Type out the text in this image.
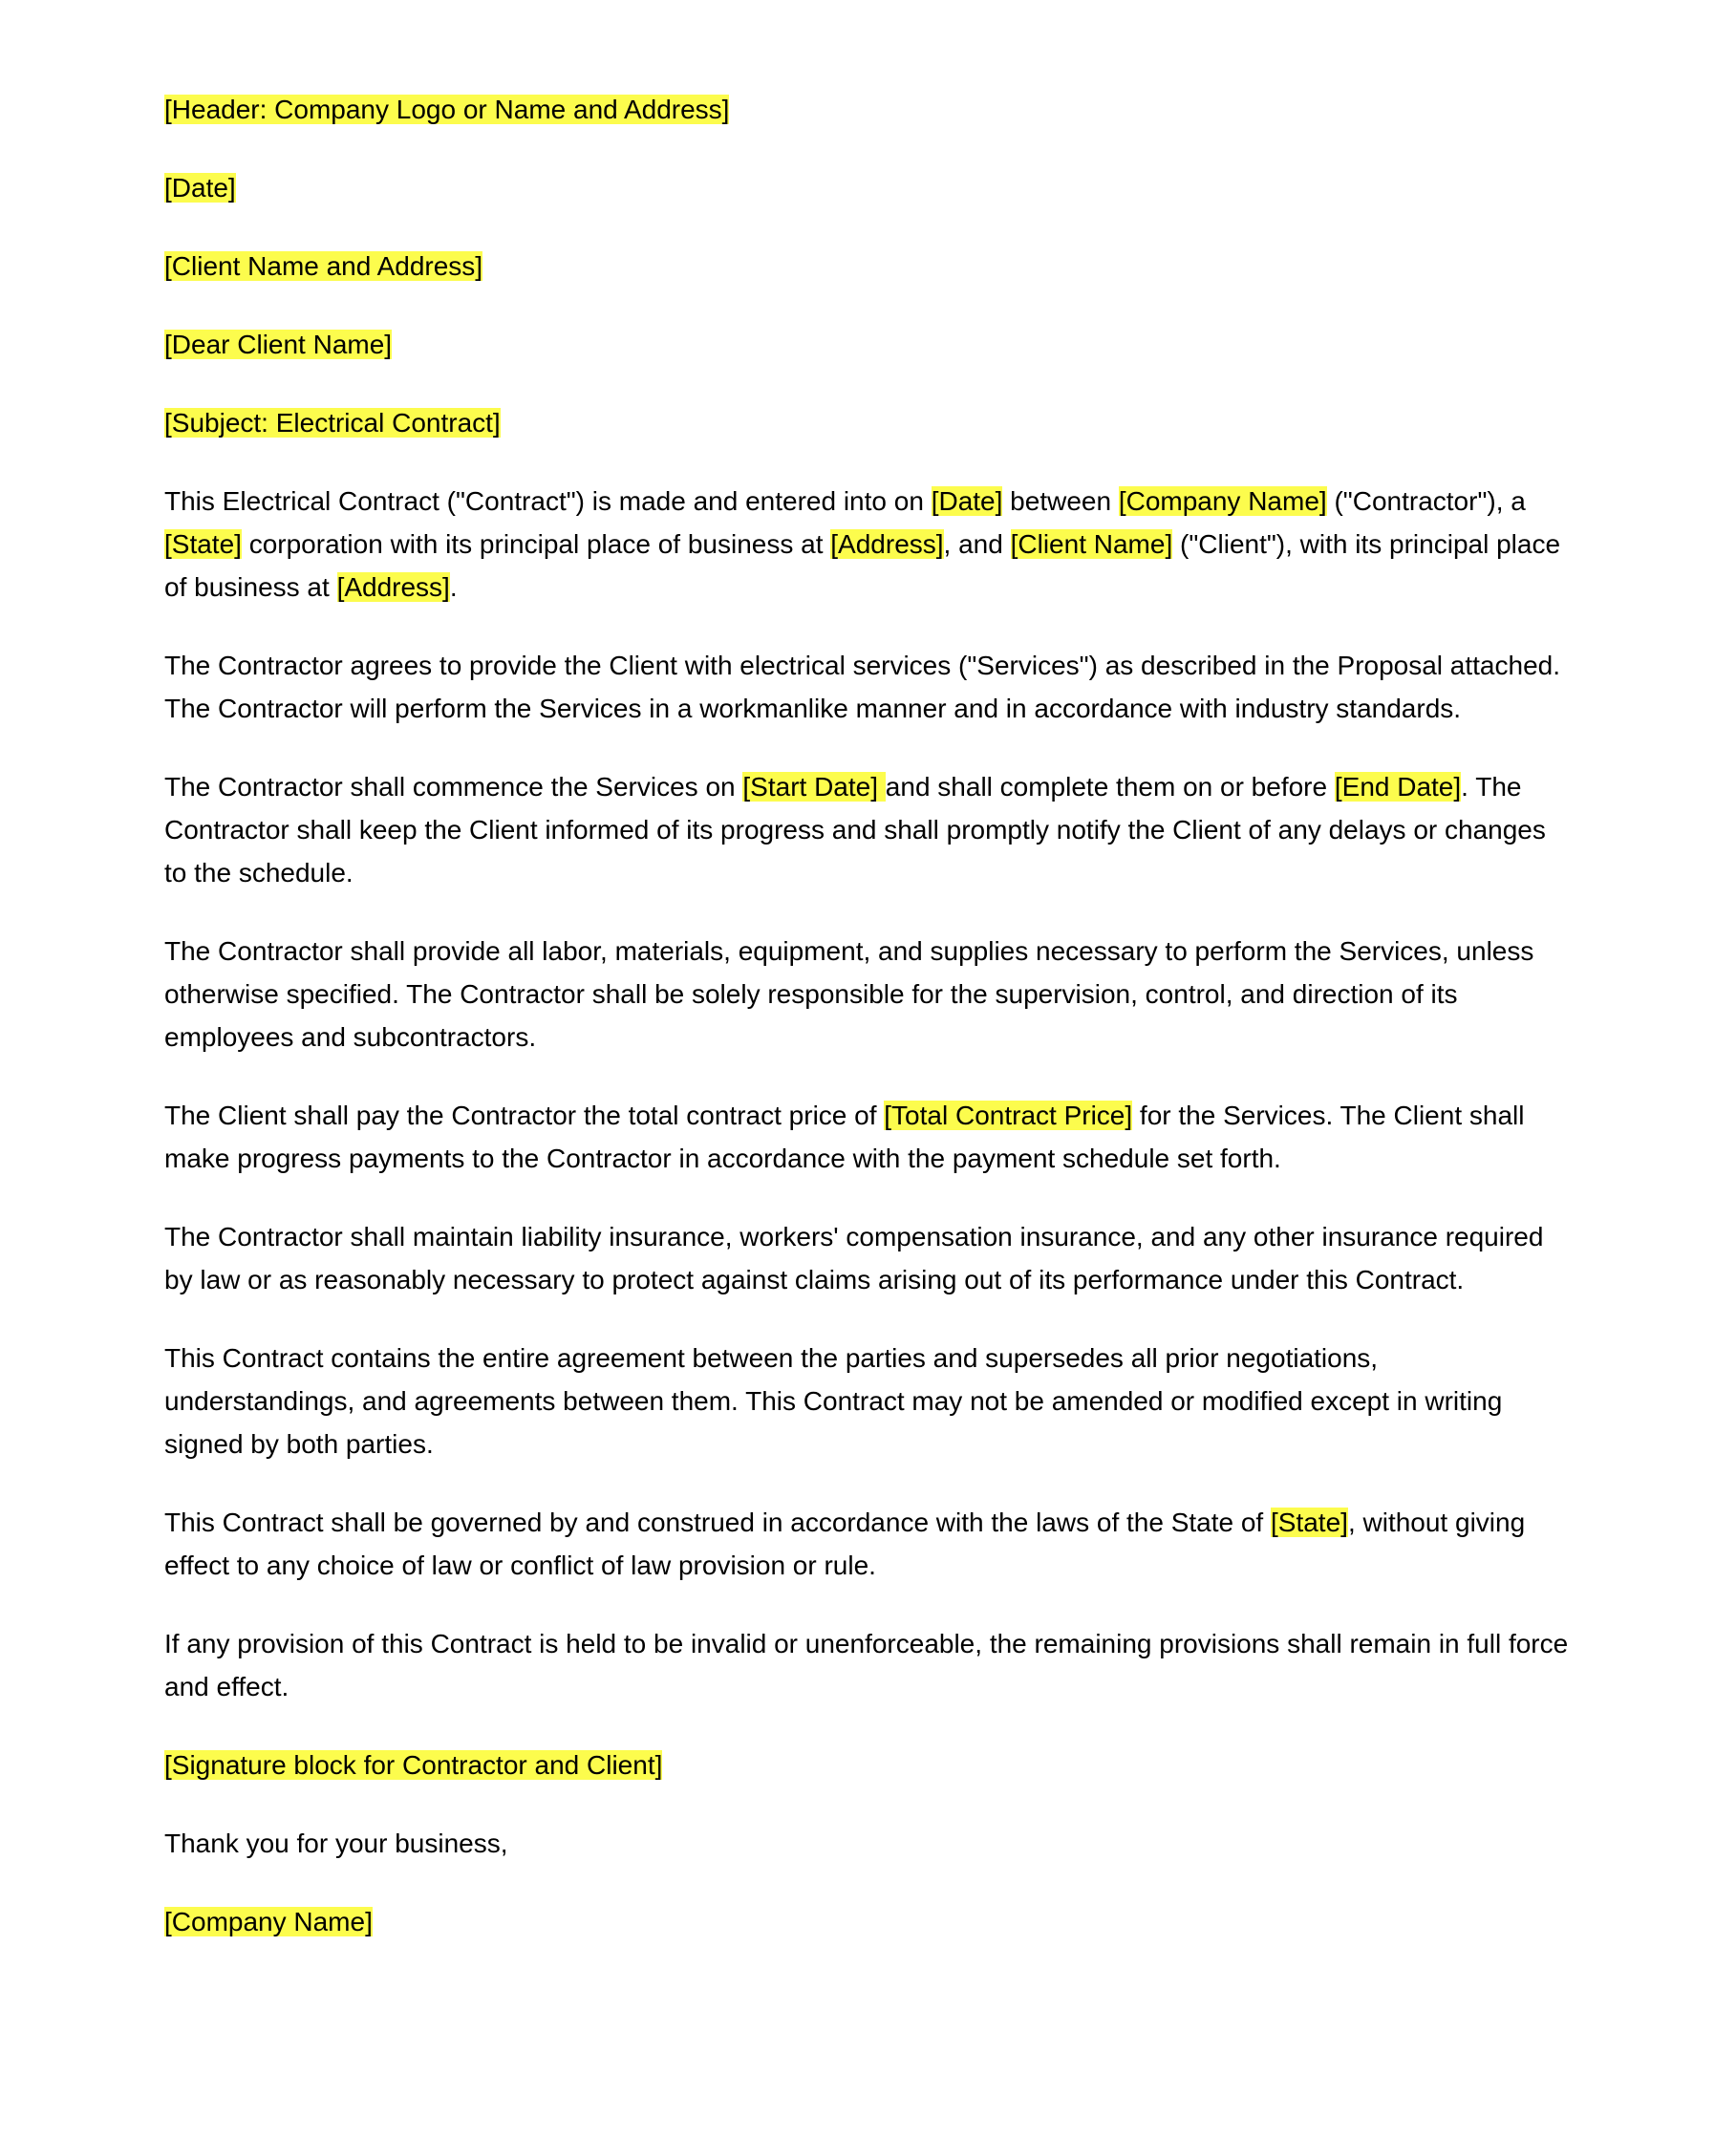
[Header: Company Logo or Name and Address]

[Date]

[Client Name and Address]

[Dear Client Name]

[Subject: Electrical Contract]

This Electrical Contract ("Contract") is made and entered into on [Date] between [Company Name] ("Contractor"), a [State] corporation with its principal place of business at [Address], and [Client Name] ("Client"), with its principal place of business at [Address].

The Contractor agrees to provide the Client with electrical services ("Services") as described in the Proposal attached. The Contractor will perform the Services in a workmanlike manner and in accordance with industry standards.

The Contractor shall commence the Services on [Start Date] and shall complete them on or before [End Date]. The Contractor shall keep the Client informed of its progress and shall promptly notify the Client of any delays or changes to the schedule.

The Contractor shall provide all labor, materials, equipment, and supplies necessary to perform the Services, unless otherwise specified. The Contractor shall be solely responsible for the supervision, control, and direction of its employees and subcontractors.

The Client shall pay the Contractor the total contract price of [Total Contract Price] for the Services. The Client shall make progress payments to the Contractor in accordance with the payment schedule set forth.

The Contractor shall maintain liability insurance, workers' compensation insurance, and any other insurance required by law or as reasonably necessary to protect against claims arising out of its performance under this Contract.

This Contract contains the entire agreement between the parties and supersedes all prior negotiations, understandings, and agreements between them. This Contract may not be amended or modified except in writing signed by both parties.

This Contract shall be governed by and construed in accordance with the laws of the State of [State], without giving effect to any choice of law or conflict of law provision or rule.

If any provision of this Contract is held to be invalid or unenforceable, the remaining provisions shall remain in full force and effect.

[Signature block for Contractor and Client]

Thank you for your business,

[Company Name]
